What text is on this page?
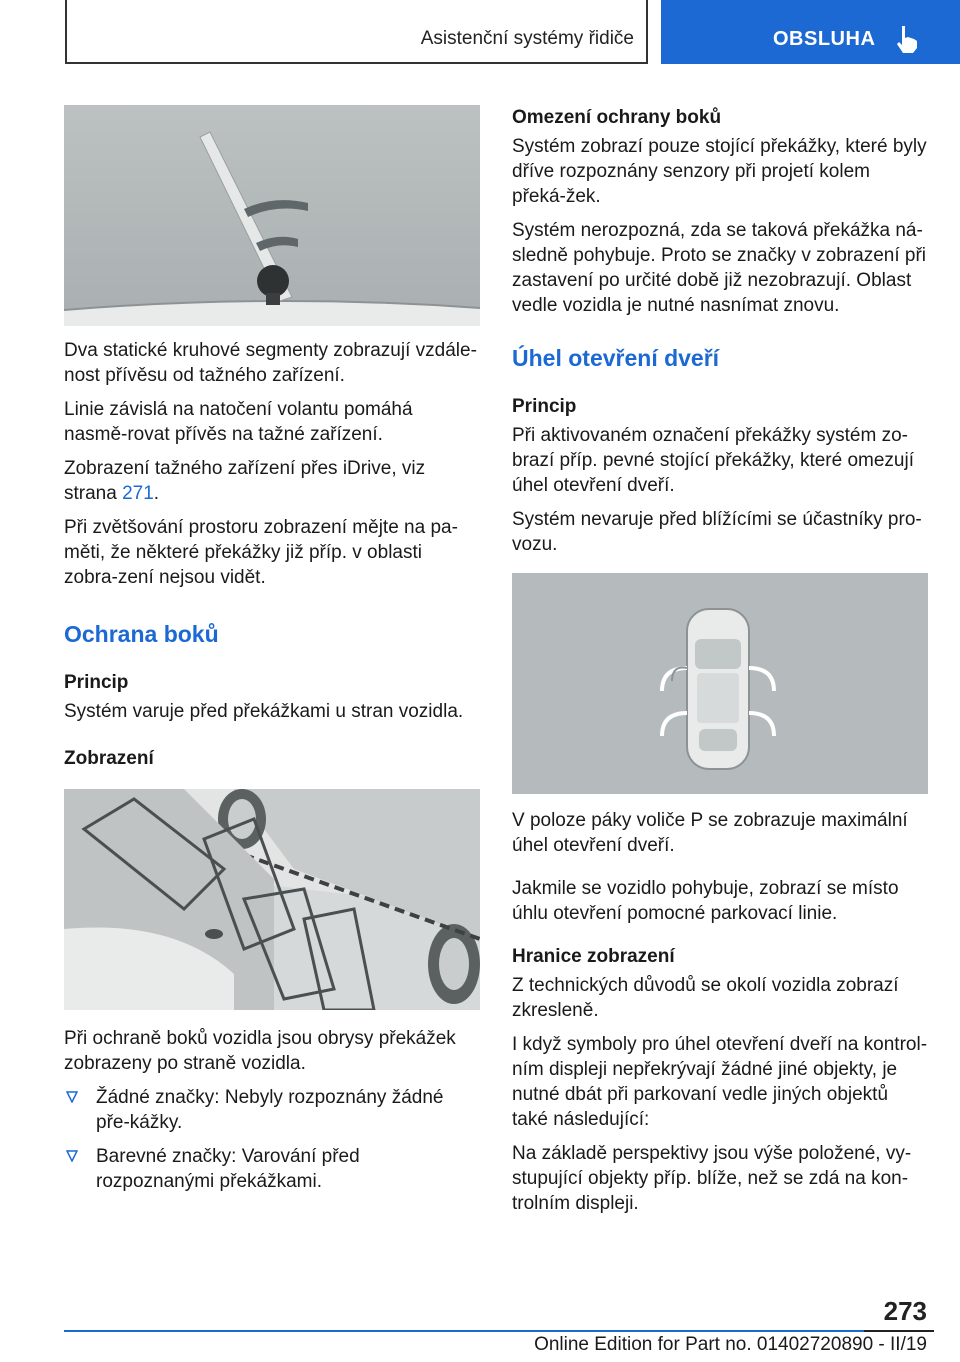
Asistenční systémy řidiče	OBSLUHA

Dva statické kruhové segmenty zobrazují vzdále-nost přívěsu od tažného zařízení.

Linie závislá na natočení volantu pomáhá nasmě-rovat přívěs na tažné zařízení.

Zobrazení tažného zařízení přes iDrive, viz strana 271.

Při zvětšování prostoru zobrazení mějte na pa-měti, že některé překážky již příp. v oblasti zobra-zení nejsou vidět.

Ochrana boků
Princip

Systém varuje před překážkami u stran vozidla.

Zobrazení

Při ochraně boků vozidla jsou obrysy překážek zobrazeny po straně vozidla.

Žádné značky: Nebyly rozpoznány žádné pře-kážky.
Barevné značky: Varování před rozpoznanými překážkami.
Omezení ochrany boků

Systém zobrazí pouze stojící překážky, které byly dříve rozpoznány senzory při projetí kolem překá-žek.

Systém nerozpozná, zda se taková překážka ná-sledně pohybuje. Proto se značky v zobrazení při zastavení po určité době již nezobrazují. Oblast vedle vozidla je nutné nasnímat znovu.

Úhel otevření dveří
Princip

Při aktivovaném označení překážky systém zo-brazí příp. pevné stojící překážky, které omezují úhel otevření dveří.

Systém nevaruje před blížícími se účastníky pro-vozu.

V poloze páky voliče P se zobrazuje maximální úhel otevření dveří.

Jakmile se vozidlo pohybuje, zobrazí se místo úhlu otevření pomocné parkovací linie.

Hranice zobrazení

Z technických důvodů se okolí vozidla zobrazí zkresleně.

I když symboly pro úhel otevření dveří na kontrol-ním displeji nepřekrývají žádné jiné objekty, je nutné dbát při parkovaní vedle jiných objektů také následující:

Na základě perspektivy jsou výše položené, vy-stupující objekty příp. blíže, než se zdá na kon-trolním displeji.

273
Online Edition for Part no. 01402720890 - II/19
